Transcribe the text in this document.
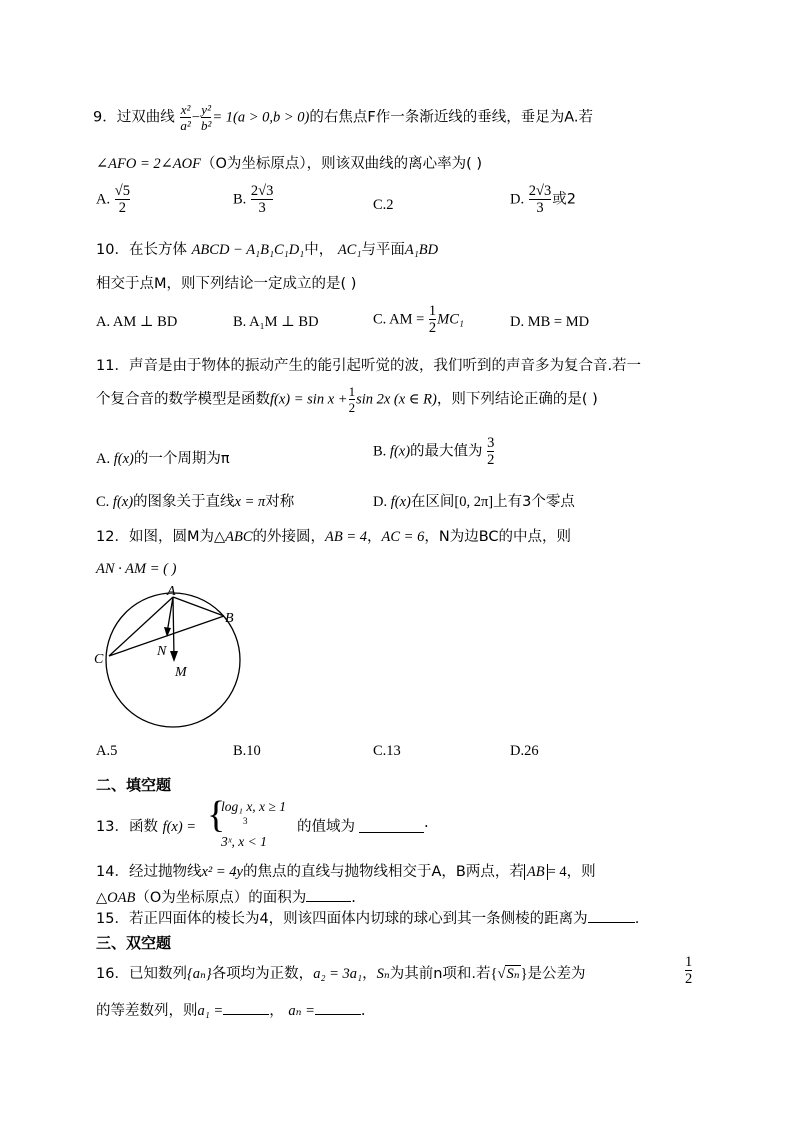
9．过双曲线 $\frac{\text{x²}}{\text{a²}} - \frac{\text{y²}}{\text{b²}} = 1(a > 0,b > 0)$的右焦点F作一条渐近线的垂线，垂足为A.若
∠AFO = 2∠AOF（O为坐标原点），则该双曲线的离心率为( )
A. $\frac{√5}{2}$	B. $\frac{2√3}{3}$	C.2	D. $\frac{2√3}{3}$ 或2
10．在长方体 ABCD − A₁B₁C₁D₁中， AC₁与平面A₁BD
相交于点M，则下列结论一定成立的是( )
A. AM ⊥ BD	B. A₁M ⊥ BD	C. AM = $\frac{1}{2} MC_1$	D. MB = MD
11．声音是由于物体的振动产生的能引起听觉的波，我们听到的声音多为复合音.若一
个复合音的数学模型是函数$f(x) = \sin x + \frac{1}{2}$ sin 2x (x ∈ R)，则下列结论正确的是( )
A. f(x)的一个周期为π	B. f(x)的最大值为 $\frac{3}{2}$
C. f(x)的图象关于直线x = π对称	D. f(x)在区间[0, 2π]上有3个零点
12．如图，圆M为△ABC的外接圆，AB = 4，AC = 6，N为边BC的中点，则
AN · AM = ( )
A
B
C
N
M
A.5	B.10	C.13	D.26
二、填空题
13．函数 f(x) = {
log₁ x, x ≥ 1
3
3ˣ, x < 1
的值域为	.
14．经过抛物线x² = 4y的焦点的直线与抛物线相交于A，B两点，若 AB = 4，则
△OAB（O为坐标原点）的面积为	.
15．若正四面体的棱长为4，则该四面体内切球的球心到其一条侧棱的距离为	.
三、双空题
16．已知数列{aₙ}各项均为正数，a₂ = 3a₁，Sₙ为其前n项和.若{√Sₙ}是公差为	$\frac{1}{2}$
的等差数列，则a₁ =	， aₙ =	.
